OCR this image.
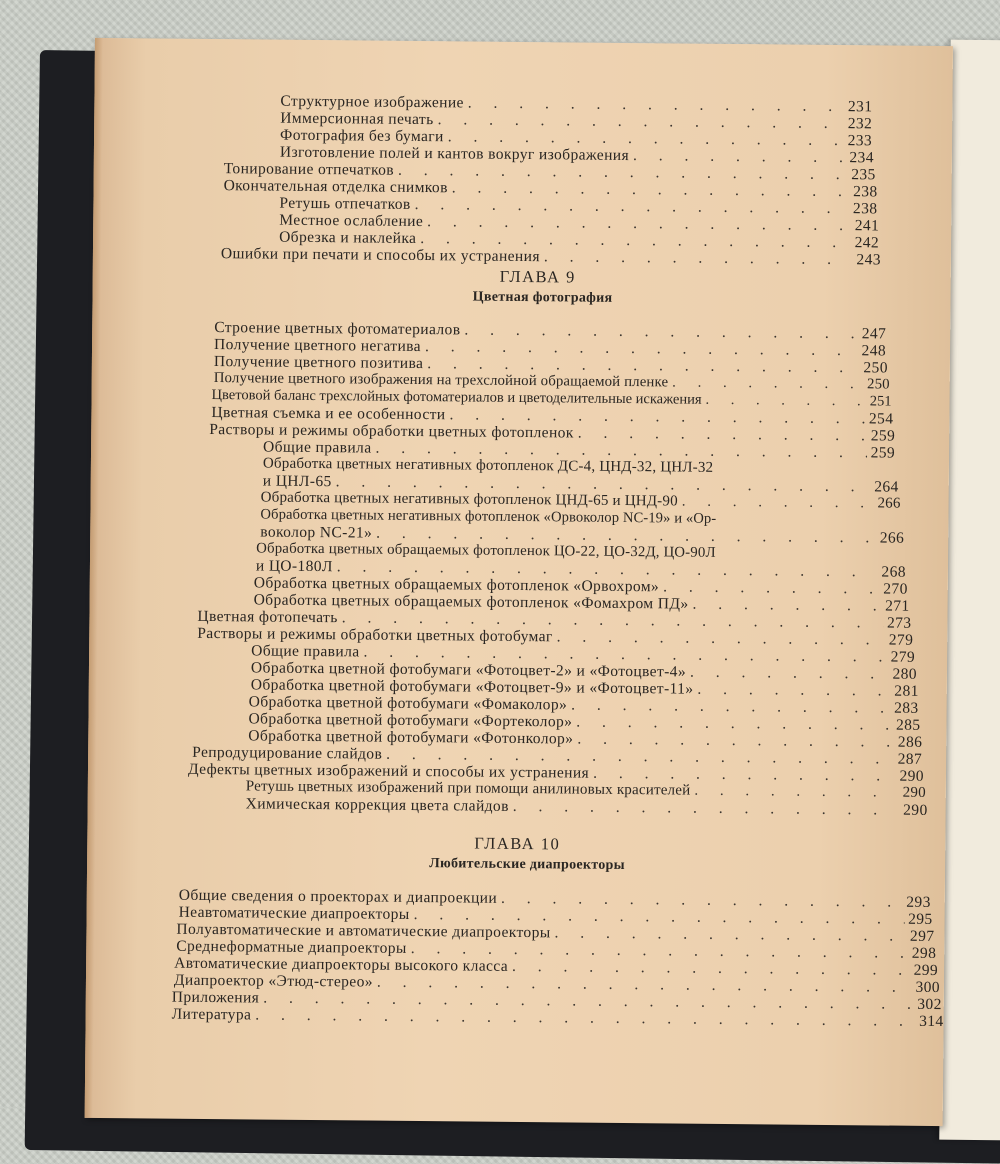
Структурное изображение . . .	231
Иммерсионная печать . . .	232
Фотография без бумаги . . .	233
Изготовление полей и кантов вокруг изображения . . .	234
Тонирование отпечатков . . .	235
Окончательная отделка снимков . . .	238
Ретушь отпечатков . . .	238
Местное ослабление . . .	241
Обрезка и наклейка . . .	242
Ошибки при печати и способы их устранения . . .	243
ГЛАВА 9
Цветная фотография
Строение цветных фотоматериалов . . .	247
Получение цветного негатива . . .	248
Получение цветного позитива . . .	250
Получение цветного изображения на трехслойной обращаемой пленке . . .	250
Цветовой баланс трехслойных фотоматериалов и цветоделительные искажения . . .	251
Цветная съемка и ее особенности . . .	254
Растворы и режимы обработки цветных фотопленок . . .	259
Общие правила . . .	259
Обработка цветных негативных фотопленок ДС-4, ЦНД-32, ЦНЛ-32
и ЦНЛ-65 . . .	264
Обработка цветных негативных фотопленок ЦНД-65 и ЦНД-90 . . .	266
Обработка цветных негативных фотопленок «Орвоколор NC-19» и «Ор-
воколор NC-21» . . .	266
Обработка цветных обращаемых фотопленок ЦО-22, ЦО-32Д, ЦО-90Л
и ЦО-180Л . . .	268
Обработка цветных обращаемых фотопленок «Орвохром» . . .	270
Обработка цветных обращаемых фотопленок «Фомахром ПД» . . .	271
Цветная фотопечать . . .	273
Растворы и режимы обработки цветных фотобумаг . . .	279
Общие правила . . .	279
Обработка цветной фотобумаги «Фотоцвет-2» и «Фотоцвет-4» . . .	280
Обработка цветной фотобумаги «Фотоцвет-9» и «Фотоцвет-11» . . .	281
Обработка цветной фотобумаги «Фомаколор» . . .	283
Обработка цветной фотобумаги «Фортеколор» . . .	285
Обработка цветной фотобумаги «Фотонколор» . . .	286
Репродуцирование слайдов . . .	287
Дефекты цветных изображений и способы их устранения . . .	290
Ретушь цветных изображений при помощи анилиновых красителей . . .	290
Химическая коррекция цвета слайдов . . .	290
ГЛАВА 10
Любительские диапроекторы
Общие сведения о проекторах и диапроекции . . .	293
Неавтоматические диапроекторы . . .	295
Полуавтоматические и автоматические диапроекторы . . .	297
Среднеформатные диапроекторы . . .	298
Автоматические диапроекторы высокого класса . . .	299
Диапроектор «Этюд-стерео» . . .	300
Приложения . . .	302
Литература . . .	314
